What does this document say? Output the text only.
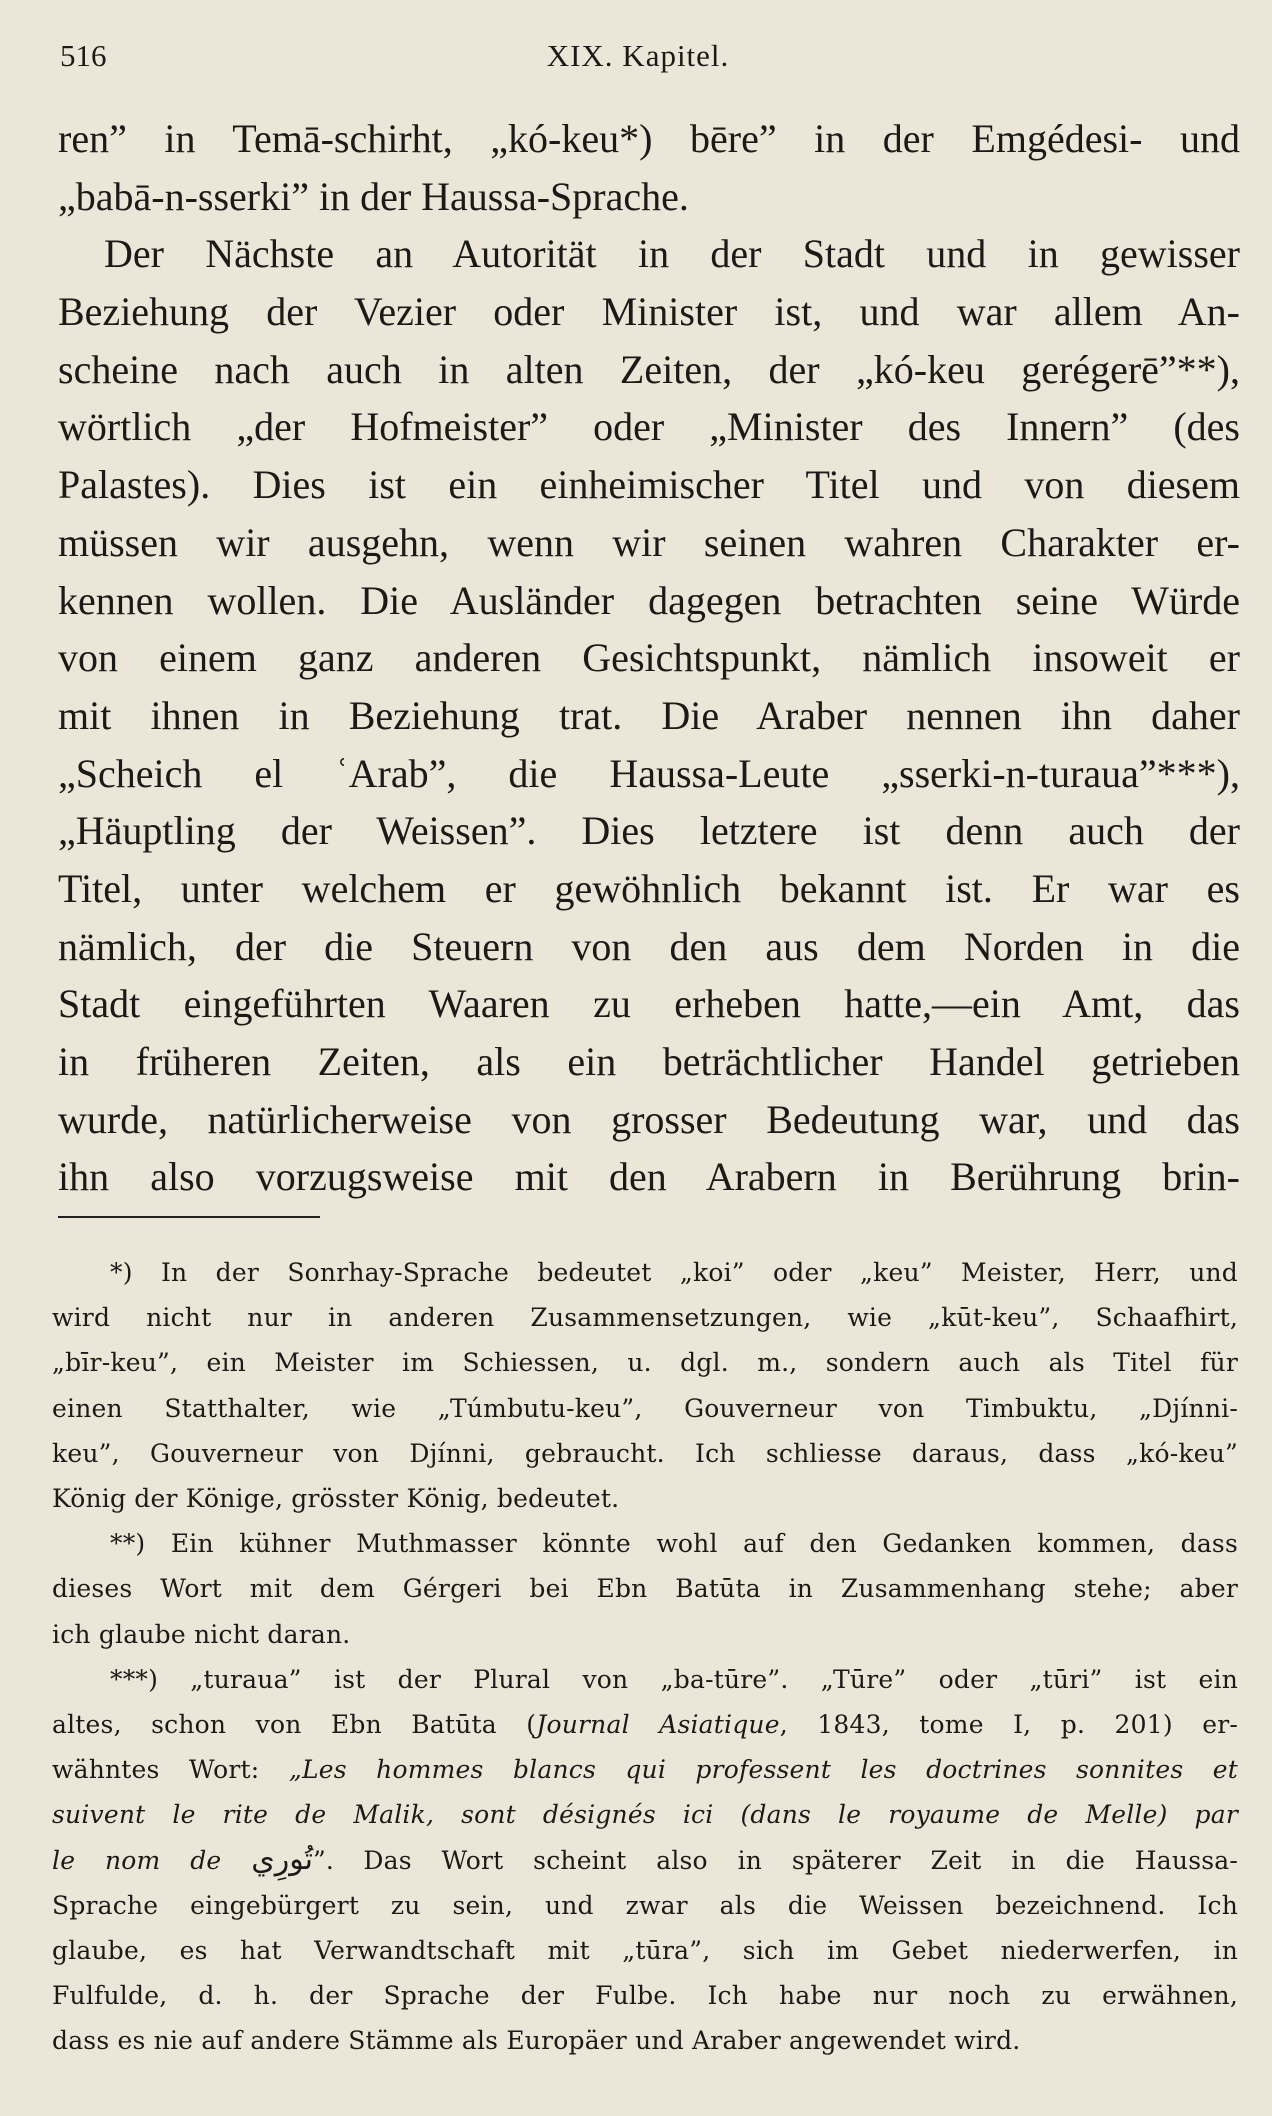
516	XIX. Kapitel.
ren” in Temā-schirht, „kó-keu*) bēre” in der Emgédesi- und
„babā-n-sserki” in der Haussa-Sprache.
Der Nächste an Autorität in der Stadt und in gewisser
Beziehung der Vezier oder Minister ist, und war allem An-
scheine nach auch in alten Zeiten, der „kó-keu gerégerē”**),
wörtlich „der Hofmeister” oder „Minister des Innern” (des
Palastes). Dies ist ein einheimischer Titel und von diesem
müssen wir ausgehn, wenn wir seinen wahren Charakter er-
kennen wollen. Die Ausländer dagegen betrachten seine Würde
von einem ganz anderen Gesichtspunkt, nämlich insoweit er
mit ihnen in Beziehung trat. Die Araber nennen ihn daher
„Scheich el ʿArab”, die Haussa-Leute „sserki-n-turaua”***),
„Häuptling der Weissen”. Dies letztere ist denn auch der
Titel, unter welchem er gewöhnlich bekannt ist. Er war es
nämlich, der die Steuern von den aus dem Norden in die
Stadt eingeführten Waaren zu erheben hatte,—ein Amt, das
in früheren Zeiten, als ein beträchtlicher Handel getrieben
wurde, natürlicherweise von grosser Bedeutung war, und das
ihn also vorzugsweise mit den Arabern in Berührung brin-
*) In der Sonrhay-Sprache bedeutet „koi” oder „keu” Meister, Herr, und
wird nicht nur in anderen Zusammensetzungen, wie „kūt-keu”, Schaafhirt,
„bīr-keu”, ein Meister im Schiessen, u. dgl. m., sondern auch als Titel für
einen Statthalter, wie „Túmbutu-keu”, Gouverneur von Timbuktu, „Djínni-
keu”, Gouverneur von Djínni, gebraucht. Ich schliesse daraus, dass „kó-keu”
König der Könige, grösster König, bedeutet.
**) Ein kühner Muthmasser könnte wohl auf den Gedanken kommen, dass
dieses Wort mit dem Gérgeri bei Ebn Batūta in Zusammenhang stehe; aber
ich glaube nicht daran.
***) „turaua” ist der Plural von „ba-tūre”. „Tūre” oder „tūri” ist ein
altes, schon von Ebn Batūta (Journal Asiatique, 1843, tome I, p. 201) er-
wähntes Wort: „Les hommes blancs qui professent les doctrines sonnites et
suivent le rite de Malik, sont désignés ici (dans le royaume de Melle) par
le nom de تُورِي”. Das Wort scheint also in späterer Zeit in die Haussa-
Sprache eingebürgert zu sein, und zwar als die Weissen bezeichnend. Ich
glaube, es hat Verwandtschaft mit „tūra”, sich im Gebet niederwerfen, in
Fulfulde, d. h. der Sprache der Fulbe. Ich habe nur noch zu erwähnen,
dass es nie auf andere Stämme als Europäer und Araber angewendet wird.
